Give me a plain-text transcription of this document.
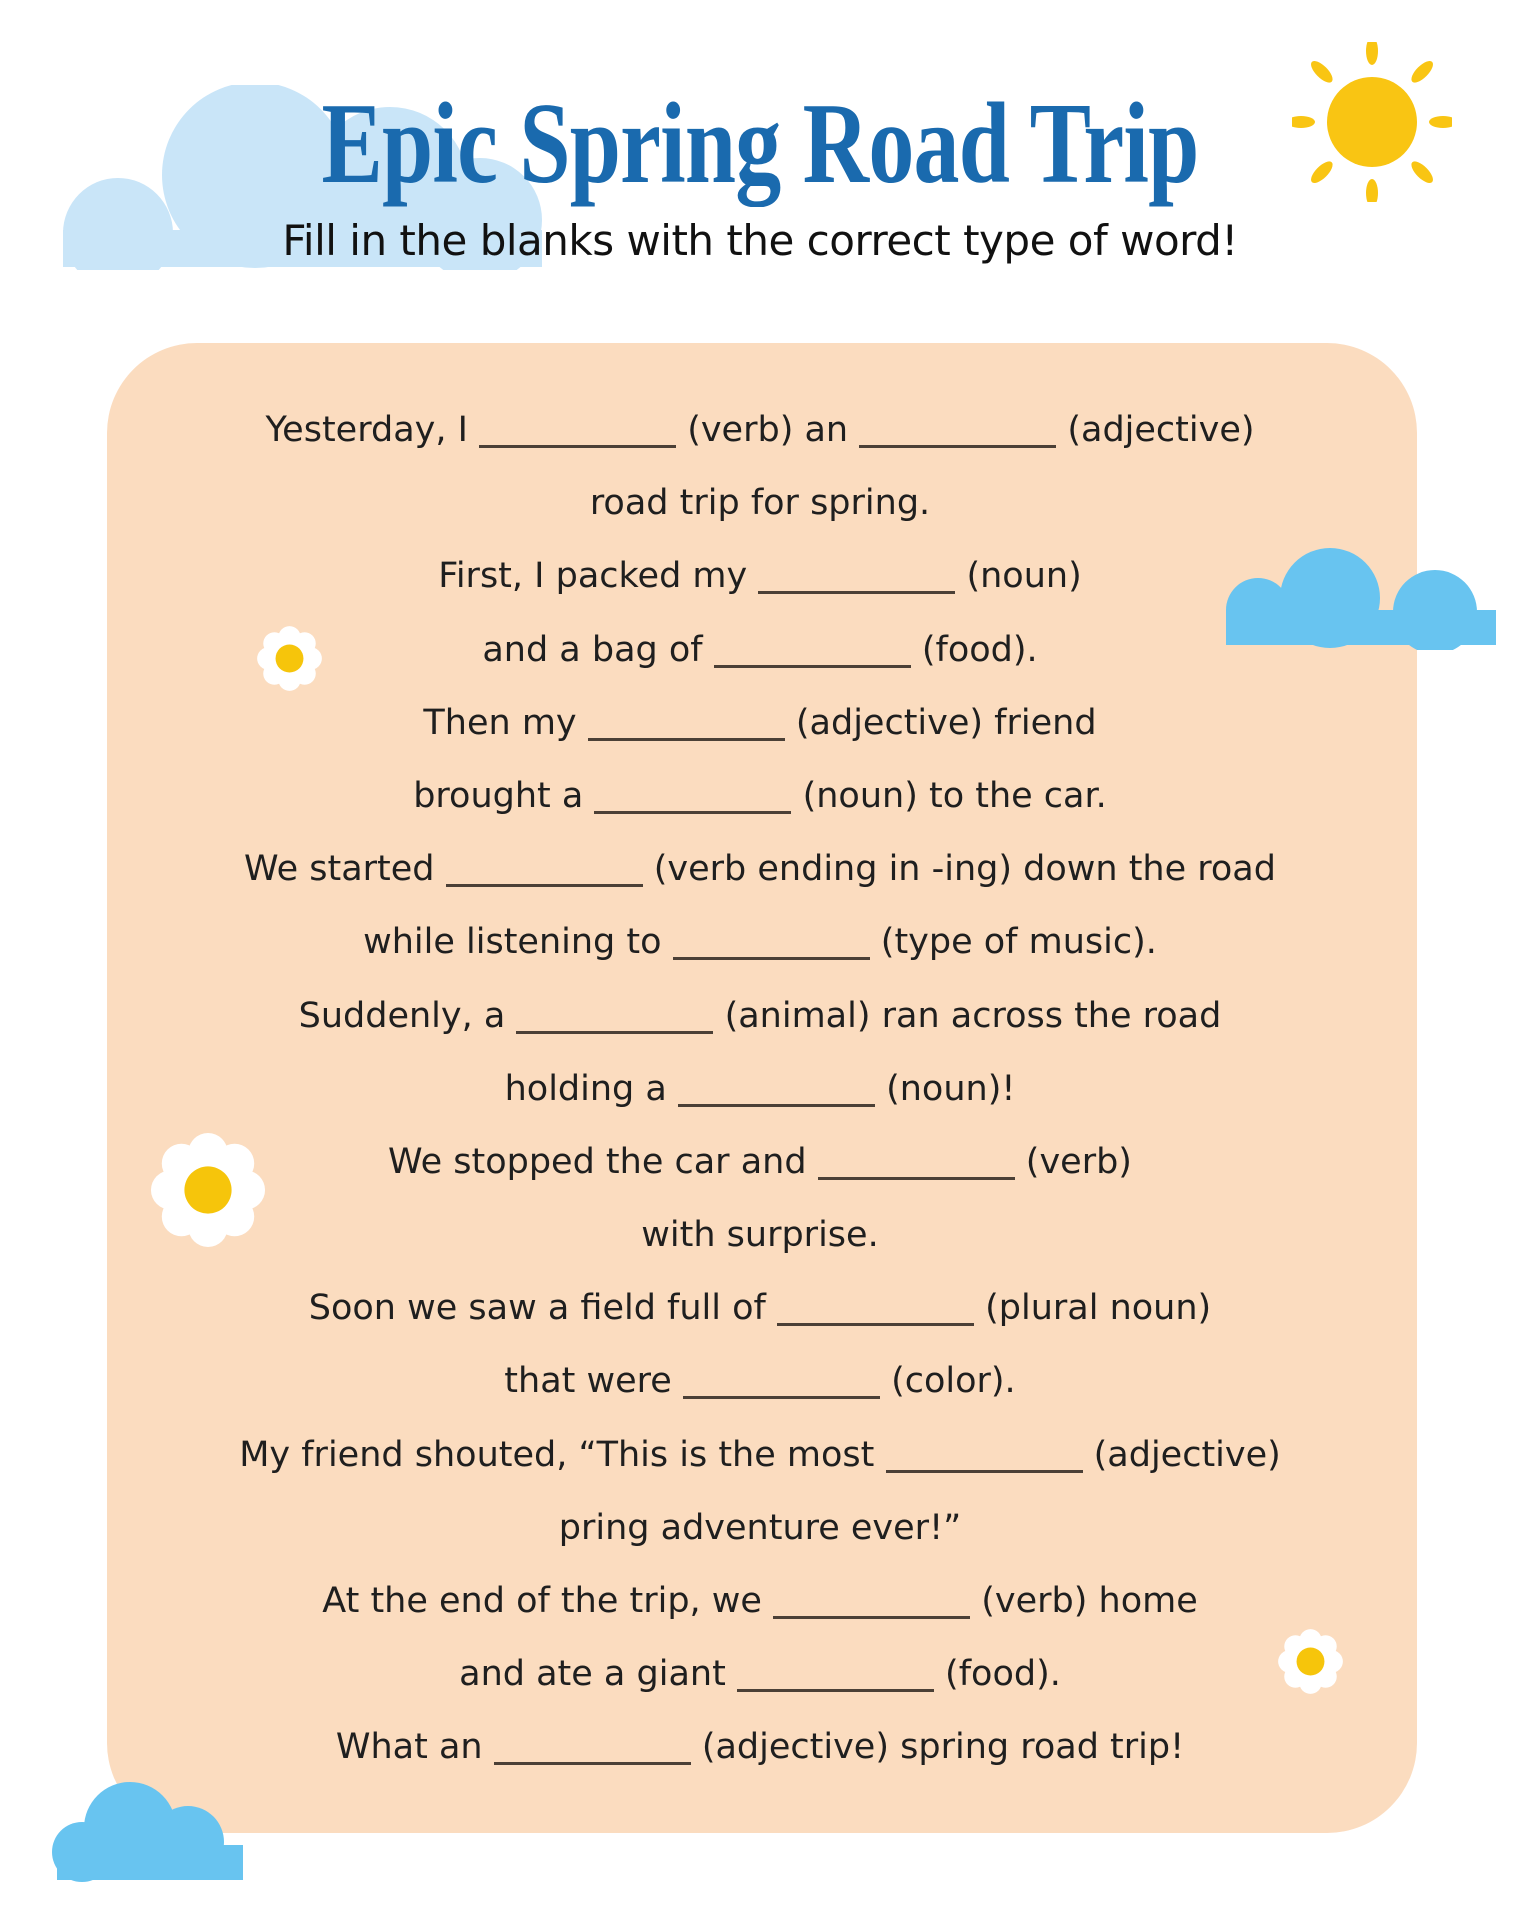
Epic Spring Road Trip
Fill in the blanks with the correct type of word!
Yesterday, I	(verb) an	(adjective)
road trip for spring.
First, I packed my	(noun)
and a bag of	(food).
Then my	(adjective) friend
brought a	(noun) to the car.
We started	(verb ending in -ing) down the road
while listening to	(type of music).
Suddenly, a	(animal) ran across the road
holding a	(noun)!
We stopped the car and	(verb)
with surprise.
Soon we saw a field full of	(plural noun)
that were	(color).
My friend shouted, “This is the most	(adjective)
pring adventure ever!”
At the end of the trip, we	(verb) home
and ate a giant	(food).
What an	(adjective) spring road trip!
